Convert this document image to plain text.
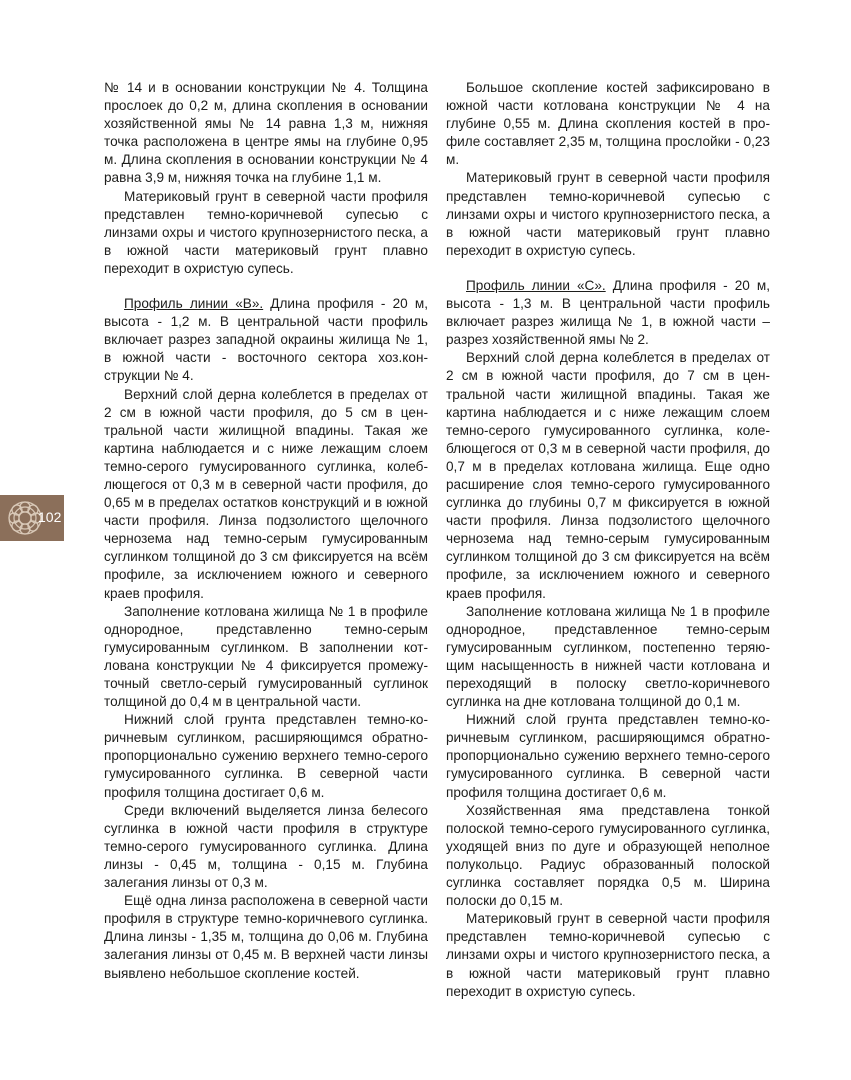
№ 14 и в основании конструкции № 4. Толщина прослоек до 0,2 м, длина скопления в основании хозяйственной ямы № 14 равна 1,3 м, нижняя точка расположена в центре ямы на глубине 0,95 м. Длина скопления в основании конструкции № 4 равна 3,9 м, нижняя точка на глубине 1,1 м.

Материковый грунт в северной части профиля представлен темно-коричневой супесью с линзами охры и чистого крупнозернистого песка, а в южной части материковый грунт плавно переходит в охристую супесь.

Профиль линии «B». Длина профиля - 20 м, высота - 1,2 м. В центральной части профиль включает разрез западной окраины жилища № 1, в южной части - восточного сектора хоз.конструкции № 4.

Верхний слой дерна колеблется в пределах от 2 см в южной части профиля, до 5 см в центральной части жилищной впадины. Такая же картина наблюдается и с ниже лежащим слоем темно-серого гумусированного суглинка, колеблющегося от 0,3 м в северной части профиля, до 0,65 м в пределах остатков конструкций и в южной части профиля. Линза подзолистого щелочного чернозема над темно-серым гумусированным суглинком толщиной до 3 см фиксируется на всём профиле, за исключением южного и северного краев профиля.

Заполнение котлована жилища № 1 в профиле однородное, представленно темно-серым гумусированным суглинком. В заполнении котлована конструкции № 4 фиксируется промежуточный светло-серый гумусированный суглинок толщиной до 0,4 м в центральной части.

Нижний слой грунта представлен темно-коричневым суглинком, расширяющимся обратно-пропорционально сужению верхнего темно-серого гумусированного суглинка. В северной части профиля толщина достигает 0,6 м.

Среди включений выделяется линза белесого суглинка в южной части профиля в структуре темно-серого гумусированного суглинка. Длина линзы - 0,45 м, толщина - 0,15 м. Глубина залегания линзы от 0,3 м.

Ещё одна линза расположена в северной части профиля в структуре темно-коричневого суглинка. Длина линзы - 1,35 м, толщина до 0,06 м. Глубина залегания линзы от 0,45 м. В верхней части линзы выявлено небольшое скопление костей.

Большое скопление костей зафиксировано в южной части котлована конструкции № 4 на глубине 0,55 м. Длина скопления костей в профиле составляет 2,35 м, толщина прослойки - 0,23 м.

Материковый грунт в северной части профиля представлен темно-коричневой супесью с линзами охры и чистого крупнозернистого песка, а в южной части материковый грунт плавно переходит в охристую супесь.

Профиль линии «С». Длина профиля - 20 м, высота - 1,3 м. В центральной части профиль включает разрез жилища № 1, в южной части – разрез хозяйственной ямы № 2.

Верхний слой дерна колеблется в пределах от 2 см в южной части профиля, до 7 см в центральной части жилищной впадины. Такая же картина наблюдается и с ниже лежащим слоем темно-серого гумусированного суглинка, колеблющегося от 0,3 м в северной части профиля, до 0,7 м в пределах котлована жилища. Еще одно расширение слоя темно-серого гумусированного суглинка до глубины 0,7 м фиксируется в южной части профиля. Линза подзолистого щелочного чернозема над темно-серым гумусированным суглинком толщиной до 3 см фиксируется на всём профиле, за исключением южного и северного краев профиля.

Заполнение котлована жилища № 1 в профиле однородное, представленное темно-серым гумусированным суглинком, постепенно теряющим насыщенность в нижней части котлована и переходящий в полоску светло-коричневого суглинка на дне котлована толщиной до 0,1 м.

Нижний слой грунта представлен темно-коричневым суглинком, расширяющимся обратно-пропорционально сужению верхнего темно-серого гумусированного суглинка. В северной части профиля толщина достигает 0,6 м.

Хозяйственная яма представлена тонкой полоской темно-серого гумусированного суглинка, уходящей вниз по дуге и образующей неполное полукольцо. Радиус образованный полоской суглинка составляет порядка 0,5 м. Ширина полоски до 0,15 м.

Материковый грунт в северной части профиля представлен темно-коричневой супесью с линзами охры и чистого крупнозернистого песка, а в южной части материковый грунт плавно переходит в охристую супесь.

102
